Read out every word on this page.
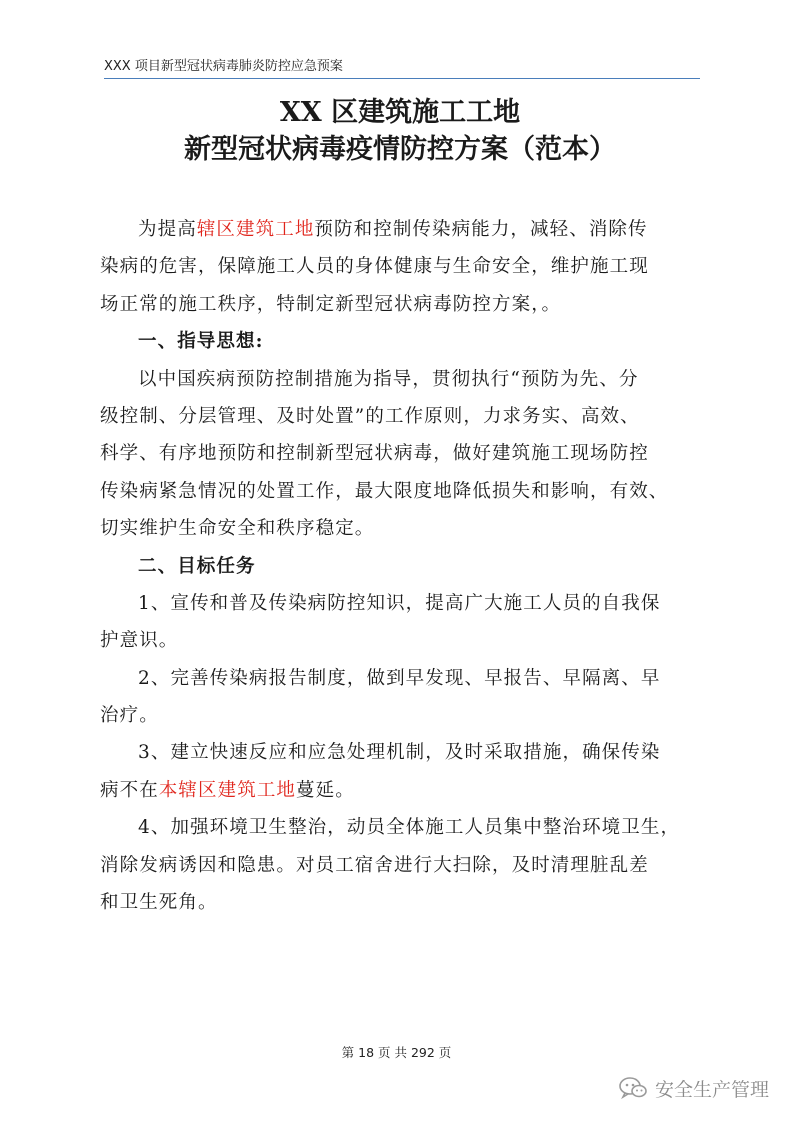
XXX 项目新型冠状病毒肺炎防控应急预案
XX 区建筑施工工地
新型冠状病毒疫情防控方案（范本）
为提高辖区建筑工地预防和控制传染病能力，减轻、消除传
染病的危害，保障施工人员的身体健康与生命安全，维护施工现
场正常的施工秩序，特制定新型冠状病毒防控方案，。
一、指导思想:
以中国疾病预防控制措施为指导，贯彻执行“预防为先、分
级控制、分层管理、及时处置”的工作原则，力求务实、高效、
科学、有序地预防和控制新型冠状病毒，做好建筑施工现场防控
传染病紧急情况的处置工作，最大限度地降低损失和影响，有效、
切实维护生命安全和秩序稳定。
二、目标任务
1、宣传和普及传染病防控知识，提高广大施工人员的自我保
护意识。
2、完善传染病报告制度，做到早发现、早报告、早隔离、早
治疗。
3、建立快速反应和应急处理机制，及时采取措施，确保传染
病不在本辖区建筑工地蔓延。
4、加强环境卫生整治，动员全体施工人员集中整治环境卫生，
消除发病诱因和隐患。对员工宿舍进行大扫除，及时清理脏乱差
和卫生死角。
第 18 页 共 292 页
安全生产管理
